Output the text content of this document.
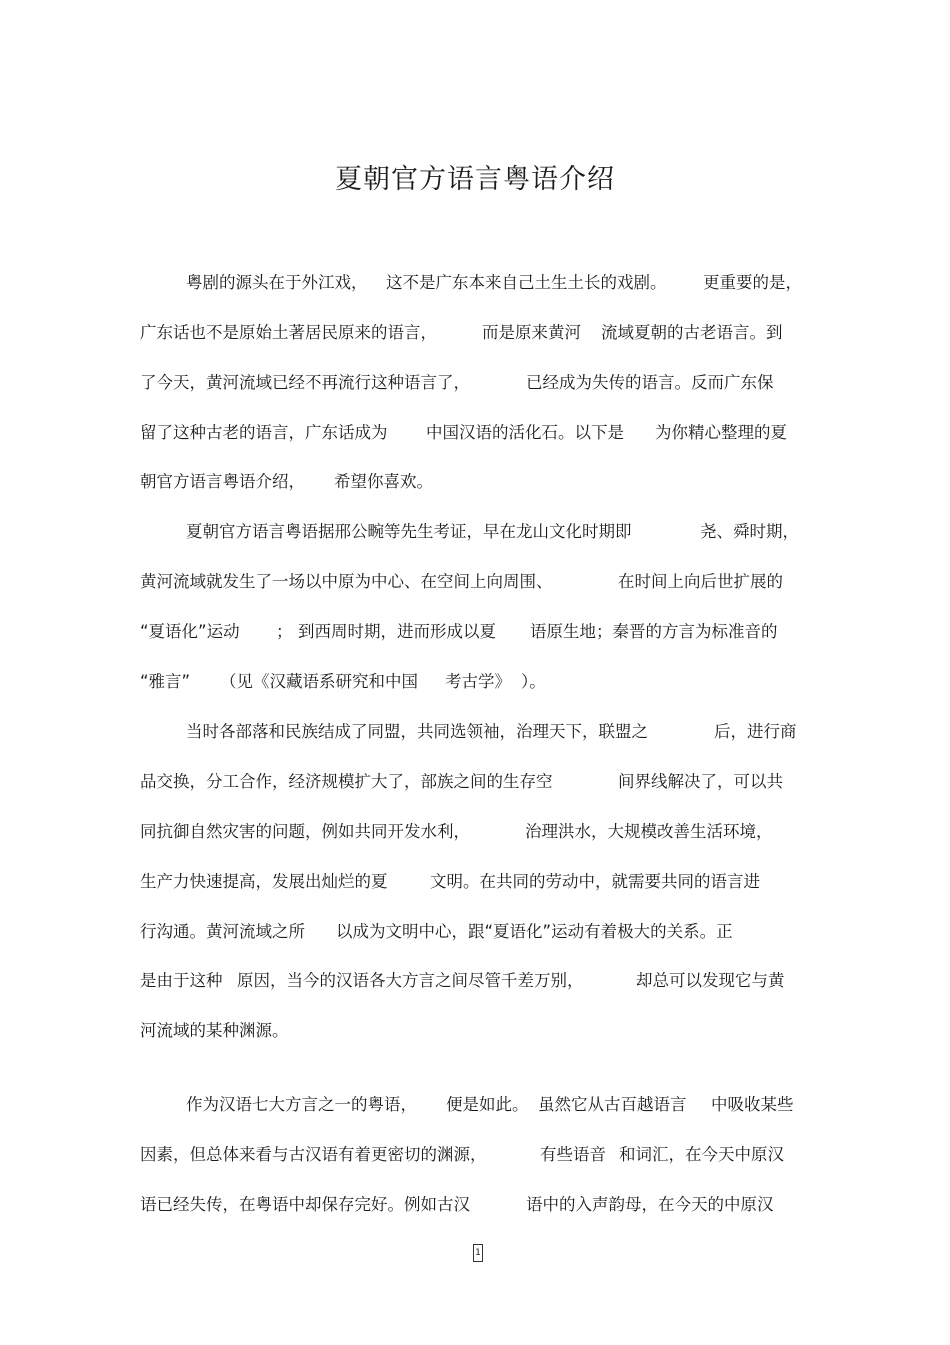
夏朝官方语言粤语介绍
粤剧的源头在于外江戏， 这不是广东本来自己土生土长的戏剧。 更重要的是，
广东话也不是原始土著居民原来的语言，	而是原来黄河 流域夏朝的古老语言。到
了今天，黄河流域已经不再流行这种语言了，	已经成为失传的语言。反而广东保
留了这种古老的语言，广东话成为 中国汉语的活化石。以下是 为你精心整理的夏
朝官方语言粤语介绍， 希望你喜欢。
夏朝官方语言粤语据邢公畹等先生考证，早在龙山文化时期即	尧、舜时期，
黄河流域就发生了一场以中原为中心、在空间上向周围、	在时间上向后世扩展的
“夏语化”运动 ； 到西周时期，进而形成以夏 语原生地；秦晋的方言为标准音的
“雅言” （见《汉藏语系研究和中国 考古学》 ）。
当时各部落和民族结成了同盟，共同选领袖，治理天下，联盟之	后，进行商
品交换，分工合作，经济规模扩大了，部族之间的生存空	间界线解决了，可以共
同抗御自然灾害的问题，例如共同开发水利，	治理洪水，大规模改善生活环境，
生产力快速提高，发展出灿烂的夏	文明。在共同的劳动中，就需要共同的语言进
行沟通。黄河流域之所 以成为文明中心，跟“夏语化”运动有着极大的关系。正
是由于这种 原因，当今的汉语各大方言之间尽管千差万别，	却总可以发现它与黄
河流域的某种渊源。
作为汉语七大方言之一的粤语， 便是如此。 虽然它从古百越语言 中吸收某些
因素，但总体来看与古汉语有着更密切的渊源，	有些语音 和词汇，在今天中原汉
语已经失传，在粤语中却保存完好。例如古汉	语中的入声韵母，在今天的中原汉
1
